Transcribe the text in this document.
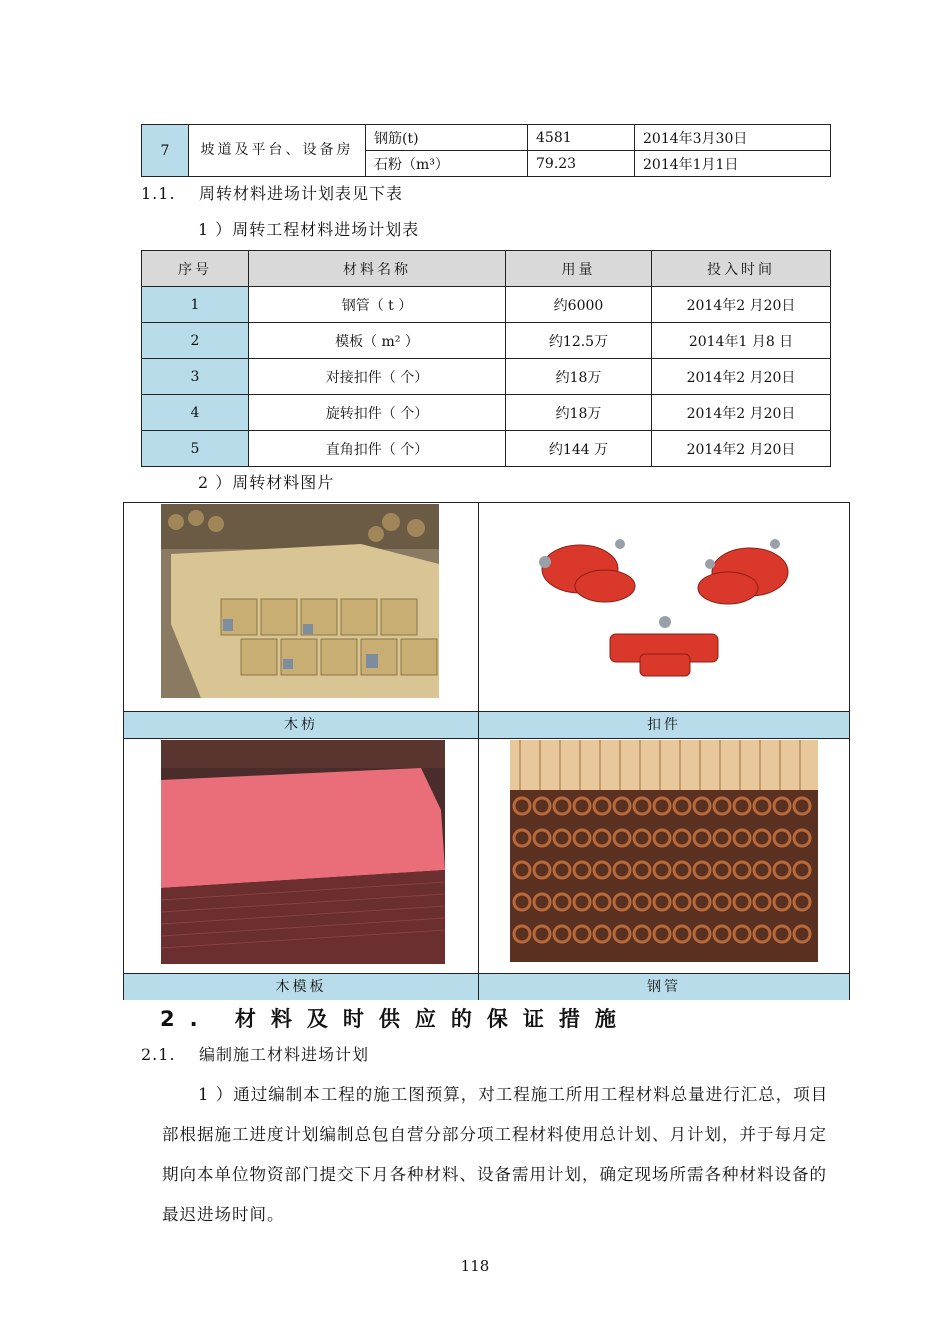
7	坡道及平台、设备房	钢筋(t)	4581	2014年3月30日
		石粉（m³）	79.23	2014年1月1日
1.1. 周转材料进场计划表见下表
1 ）周转工程材料进场计划表
序号	材料名称	用量	投入时间
1	钢管（ t ）	约6000	2014年2 月20日
2	模板（ m² ）	约12.5万	2014年1 月8 日
3	对接扣件（ 个）	约18万	2014年2 月20日
4	旋转扣件（ 个）	约18万	2014年2 月20日
5	直角扣件（ 个）	约144 万	2014年2 月20日
2 ）周转材料图片
木枋	扣件
木模板	钢管
2. 材料及时供应的保证措施
2.1. 编制施工材料进场计划
1 ）通过编制本工程的施工图预算，对工程施工所用工程材料总量进行汇总，项目部根据施工进度计划编制总包自营分部分项工程材料使用总计划、月计划，并于每月定期向本单位物资部门提交下月各种材料、设备需用计划，确定现场所需各种材料设备的最迟进场时间。
118
